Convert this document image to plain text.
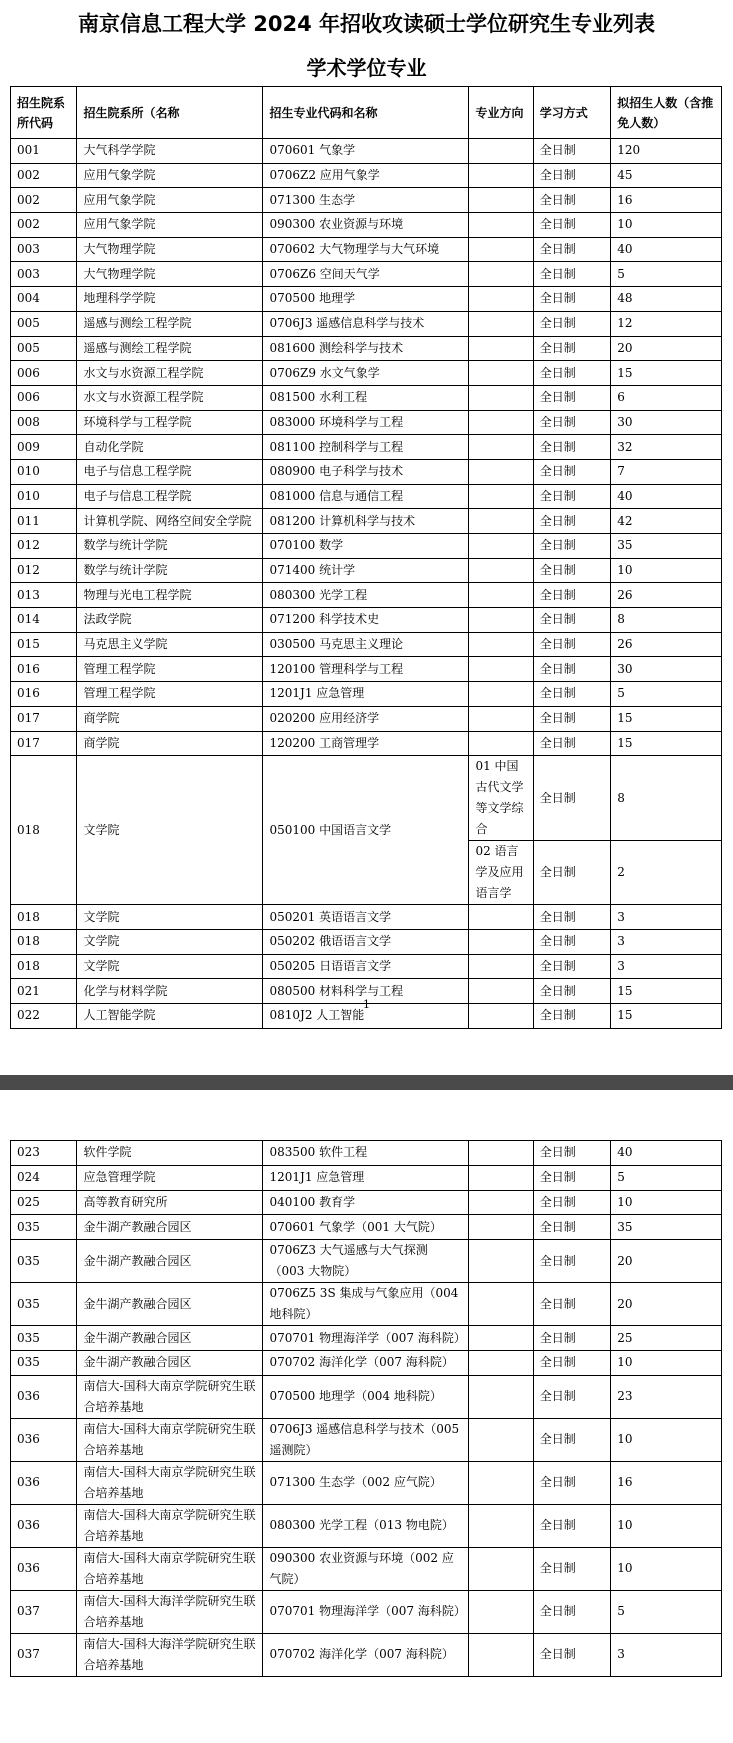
南京信息工程大学 2024 年招收攻读硕士学位研究生专业列表
学术学位专业
招生院系所代码	招生院系所（名称	招生专业代码和名称	专业方向	学习方式	拟招生人数（含推免人数）
001	大气科学学院	070601 气象学		全日制	120
002	应用气象学院	0706Z2 应用气象学		全日制	45
002	应用气象学院	071300 生态学		全日制	16
002	应用气象学院	090300 农业资源与环境		全日制	10
003	大气物理学院	070602 大气物理学与大气环境		全日制	40
003	大气物理学院	0706Z6 空间天气学		全日制	5
004	地理科学学院	070500 地理学		全日制	48
005	遥感与测绘工程学院	0706J3 遥感信息科学与技术		全日制	12
005	遥感与测绘工程学院	081600 测绘科学与技术		全日制	20
006	水文与水资源工程学院	0706Z9 水文气象学		全日制	15
006	水文与水资源工程学院	081500 水利工程		全日制	6
008	环境科学与工程学院	083000 环境科学与工程		全日制	30
009	自动化学院	081100 控制科学与工程		全日制	32
010	电子与信息工程学院	080900 电子科学与技术		全日制	7
010	电子与信息工程学院	081000 信息与通信工程		全日制	40
011	计算机学院、网络空间安全学院	081200 计算机科学与技术		全日制	42
012	数学与统计学院	070100 数学		全日制	35
012	数学与统计学院	071400 统计学		全日制	10
013	物理与光电工程学院	080300 光学工程		全日制	26
014	法政学院	071200 科学技术史		全日制	8
015	马克思主义学院	030500 马克思主义理论		全日制	26
016	管理工程学院	120100 管理科学与工程		全日制	30
016	管理工程学院	1201J1 应急管理		全日制	5
017	商学院	020200 应用经济学		全日制	15
017	商学院	120200 工商管理学		全日制	15
018	文学院	050100 中国语言文学	01 中国古代文学等文学综合	全日制	8
			02 语言学及应用语言学	全日制	2
018	文学院	050201 英语语言文学		全日制	3
018	文学院	050202 俄语语言文学		全日制	3
018	文学院	050205 日语语言文学		全日制	3
021	化学与材料学院	080500 材料科学与工程		全日制	15
022	人工智能学院	0810J2 人工智能		全日制	15
1
023	软件学院	083500 软件工程		全日制	40
024	应急管理学院	1201J1 应急管理		全日制	5
025	高等教育研究所	040100 教育学		全日制	10
035	金牛湖产教融合园区	070601 气象学（001 大气院）		全日制	35
035	金牛湖产教融合园区	0706Z3 大气遥感与大气探测（003 大物院）		全日制	20
035	金牛湖产教融合园区	0706Z5 3S 集成与气象应用（004 地科院）		全日制	20
035	金牛湖产教融合园区	070701 物理海洋学（007 海科院）		全日制	25
035	金牛湖产教融合园区	070702 海洋化学（007 海科院）		全日制	10
036	南信大-国科大南京学院研究生联合培养基地	070500 地理学（004 地科院）		全日制	23
036	南信大-国科大南京学院研究生联合培养基地	0706J3 遥感信息科学与技术（005 遥测院）		全日制	10
036	南信大-国科大南京学院研究生联合培养基地	071300 生态学（002 应气院）		全日制	16
036	南信大-国科大南京学院研究生联合培养基地	080300 光学工程（013 物电院）		全日制	10
036	南信大-国科大南京学院研究生联合培养基地	090300 农业资源与环境（002 应气院）		全日制	10
037	南信大-国科大海洋学院研究生联合培养基地	070701 物理海洋学（007 海科院）		全日制	5
037	南信大-国科大海洋学院研究生联合培养基地	070702 海洋化学（007 海科院）		全日制	3
